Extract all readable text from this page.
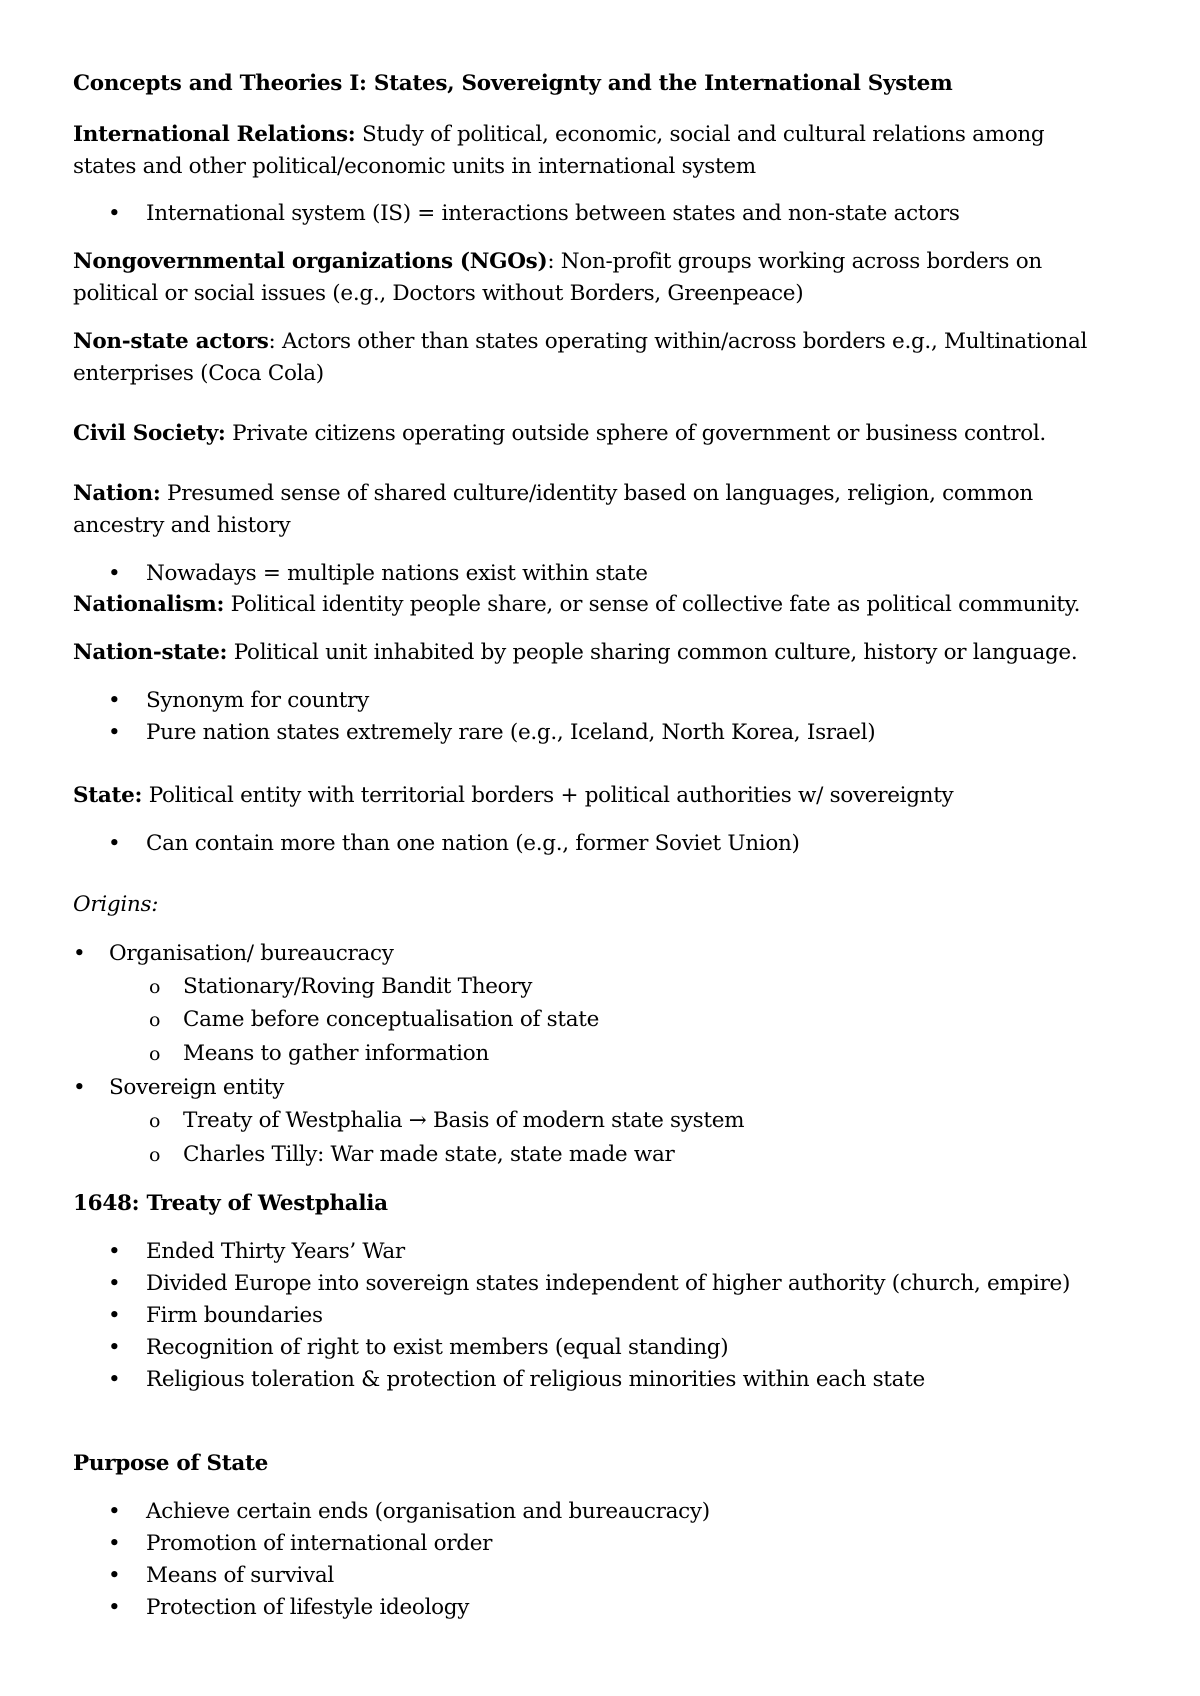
Concepts and Theories I: States, Sovereignty and the International System

International Relations: Study of political, economic, social and cultural relations among

states and other political/economic units in international system

• International system (IS) = interactions between states and non-state actors

Nongovernmental organizations (NGOs): Non-profit groups working across borders on

political or social issues (e.g., Doctors without Borders, Greenpeace)

Non-state actors: Actors other than states operating within/across borders e.g., Multinational

enterprises (Coca Cola)

Civil Society: Private citizens operating outside sphere of government or business control.

Nation: Presumed sense of shared culture/identity based on languages, religion, common

ancestry and history

• Nowadays = multiple nations exist within state

Nationalism: Political identity people share, or sense of collective fate as political community.

Nation-state: Political unit inhabited by people sharing common culture, history or language.

• Synonym for country

• Pure nation states extremely rare (e.g., Iceland, North Korea, Israel)

State: Political entity with territorial borders + political authorities w/ sovereignty

• Can contain more than one nation (e.g., former Soviet Union)

Origins:

• Organisation/ bureaucracy

o Stationary/Roving Bandit Theory

o Came before conceptualisation of state

o Means to gather information

• Sovereign entity

o Treaty of Westphalia → Basis of modern state system

o Charles Tilly: War made state, state made war

1648: Treaty of Westphalia

• Ended Thirty Years’ War

• Divided Europe into sovereign states independent of higher authority (church, empire)

• Firm boundaries

• Recognition of right to exist members (equal standing)

• Religious toleration & protection of religious minorities within each state

Purpose of State

• Achieve certain ends (organisation and bureaucracy)

• Promotion of international order

• Means of survival

• Protection of lifestyle ideology
